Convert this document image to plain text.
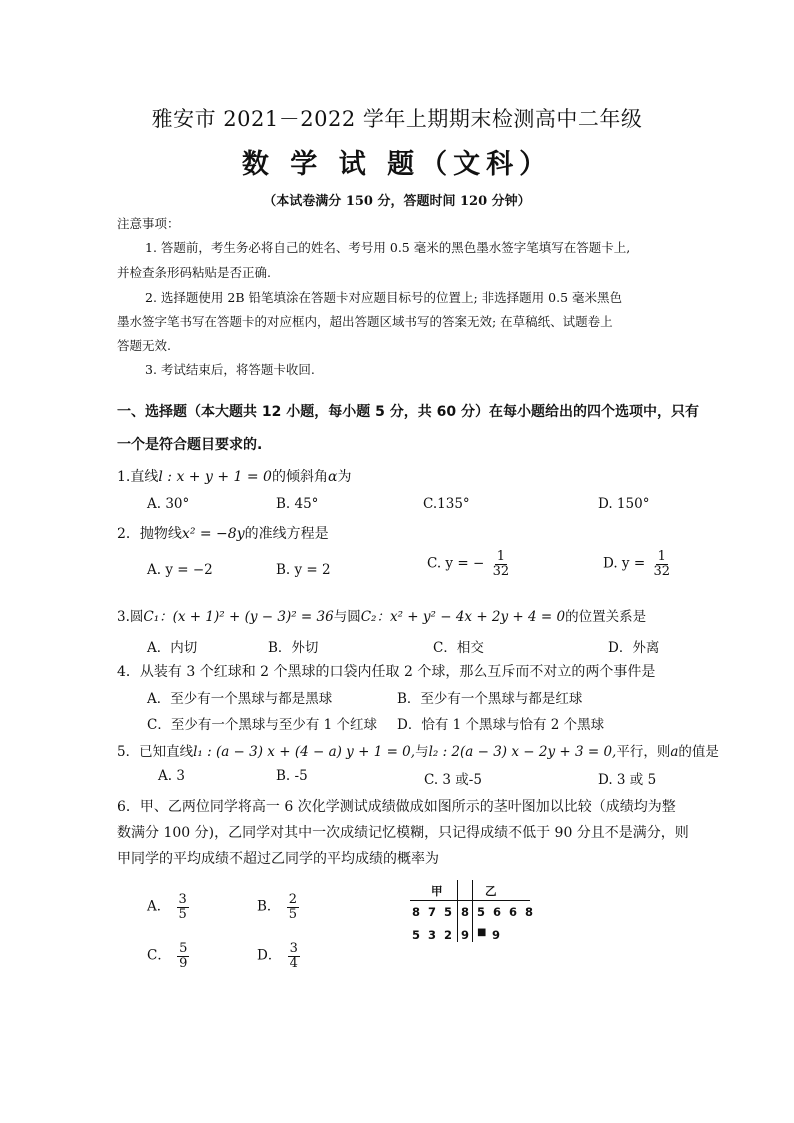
雅安市 2021－2022 学年上期期末检测高中二年级
数 学 试 题（文科）
（本试卷满分 150 分，答题时间 120 分钟）
注意事项：
1. 答题前，考生务必将自己的姓名、考号用 0.5 毫米的黑色墨水签字笔填写在答题卡上,
并检查条形码粘贴是否正确.
2. 选择题使用 2B 铅笔填涂在答题卡对应题目标号的位置上; 非选择题用 0.5 毫米黑色
墨水签字笔书写在答题卡的对应框内，超出答题区域书写的答案无效; 在草稿纸、试题卷上
答题无效.
3. 考试结束后，将答题卡收回.
一、选择题（本大题共 12 小题，每小题 5 分，共 60 分）在每小题给出的四个选项中，只有
一个是符合题目要求的.
1.直线l : x + y + 1 = 0的倾斜角α为
A. 30°	B. 45°	C.135°	D. 150°
2．抛物线x² = −8y的准线方程是
A. y = −2	B. y = 2	C. y = − $\frac{1}{32}$	D. $y = \frac{1}{32}$
3.圆C₁：(x + 1)² + (y − 3)² = 36与圆C₂：x² + y² − 4x + 2y + 4 = 0的位置关系是
A．内切	B．外切	C．相交	D．外离
4．从装有 3 个红球和 2 个黑球的口袋内任取 2 个球，那么互斥而不对立的两个事件是
A．至少有一个黑球与都是黑球	B．至少有一个黑球与都是红球
C．至少有一个黑球与至少有 1 个红球 D．恰有 1 个黑球与恰有 2 个黑球
5．已知直线l₁ : (a − 3) x + (4 − a) y + 1 = 0,与l₂ : 2(a − 3) x − 2y + 3 = 0,平行，则a的值是
A. 3	B. -5	C. 3 或-5	D. 3 或 5
6．甲、乙两位同学将高一 6 次化学测试成绩做成如图所示的茎叶图加以比较（成绩均为整
数满分 100 分)，乙同学对其中一次成绩记忆模糊，只记得成绩不低于 90 分且不是满分，则
甲同学的平均成绩不超过乙同学的平均成绩的概率为
A． $\frac{3}{5}$	B． $\frac{2}{5}$
C． $\frac{5}{9}$	D． $\frac{3}{4}$
甲	乙
8  7  5 8 5  6  6  8
5  3  2 9 ■ 9
